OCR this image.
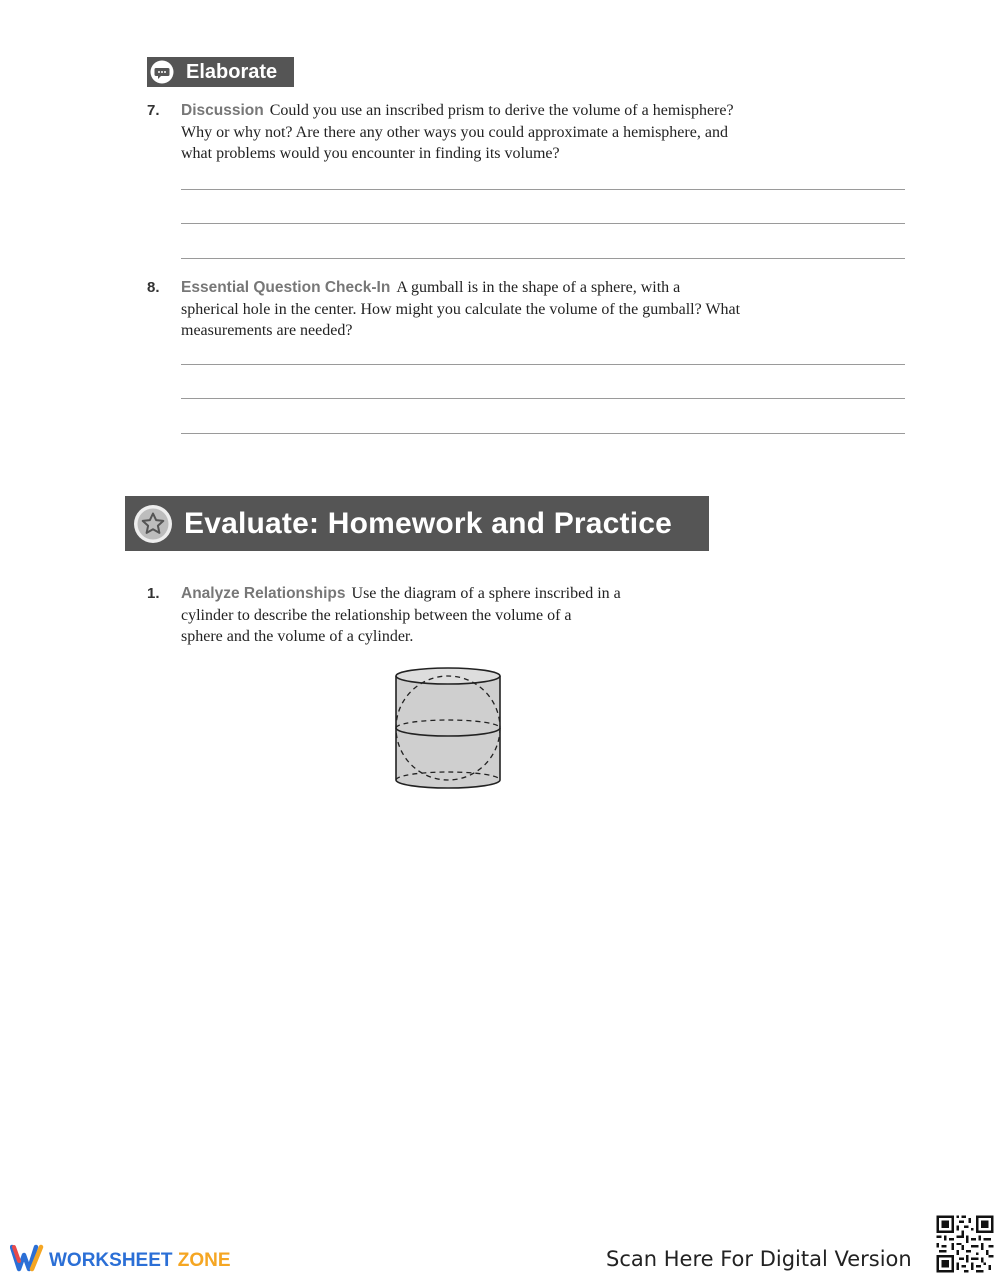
Elaborate
7. Discussion Could you use an inscribed prism to derive the volume of a hemisphere?
Why or why not? Are there any other ways you could approximate a hemisphere, and
what problems would you encounter in finding its volume?
8. Essential Question Check-In A gumball is in the shape of a sphere, with a
spherical hole in the center. How might you calculate the volume of the gumball? What
measurements are needed?
Evaluate: Homework and Practice
1. Analyze Relationships Use the diagram of a sphere inscribed in a
cylinder to describe the relationship between the volume of a
sphere and the volume of a cylinder.
WORKSHEET ZONE	Scan Here For Digital Version
